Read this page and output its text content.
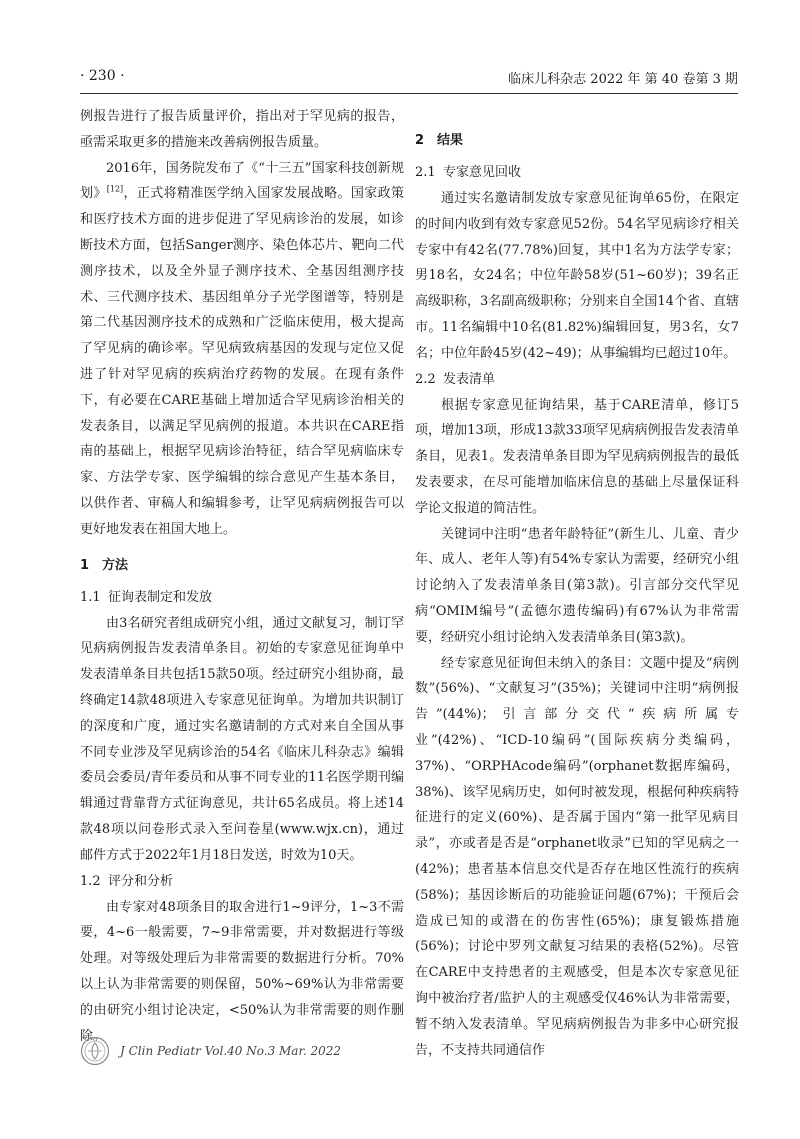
· 230 ·	临床儿科杂志 2022 年 第 40 卷第 3 期

例报告进行了报告质量评价，指出对于罕见病的报告，亟需采取更多的措施来改善病例报告质量。

2016年，国务院发布了《“十三五”国家科技创新规划》[12]，正式将精准医学纳入国家发展战略。国家政策和医疗技术方面的进步促进了罕见病诊治的发展，如诊断技术方面，包括Sanger测序、染色体芯片、靶向二代测序技术，以及全外显子测序技术、全基因组测序技术、三代测序技术、基因组单分子光学图谱等，特别是第二代基因测序技术的成熟和广泛临床使用，极大提高了罕见病的确诊率。罕见病致病基因的发现与定位又促进了针对罕见病的疾病治疗药物的发展。在现有条件下，有必要在CARE基础上增加适合罕见病诊治相关的发表条目，以满足罕见病例的报道。本共识在CARE指南的基础上，根据罕见病诊治特征，结合罕见病临床专家、方法学专家、医学编辑的综合意见产生基本条目，以供作者、审稿人和编辑参考，让罕见病病例报告可以更好地发表在祖国大地上。

1 方法
1.1 征询表制定和发放

由3名研究者组成研究小组，通过文献复习，制订罕见病病例报告发表清单条目。初始的专家意见征询单中发表清单条目共包括15款50项。经过研究小组协商，最终确定14款48项进入专家意见征询单。为增加共识制订的深度和广度，通过实名邀请制的方式对来自全国从事不同专业涉及罕见病诊治的54名《临床儿科杂志》编辑委员会委员/青年委员和从事不同专业的11名医学期刊编辑通过背靠背方式征询意见，共计65名成员。将上述14款48项以问卷形式录入至问卷星(www.wjx.cn)，通过邮件方式于2022年1月18日发送，时效为10天。

1.2 评分和分析

由专家对48项条目的取舍进行1~9评分，1~3不需要，4~6一般需要，7~9非常需要，并对数据进行等级处理。对等级处理后为非常需要的数据进行分析。70%以上认为非常需要的则保留，50%~69%认为非常需要的由研究小组讨论决定，<50%认为非常需要的则作删除。

2 结果
2.1 专家意见回收

通过实名邀请制发放专家意见征询单65份，在限定的时间内收到有效专家意见52份。54名罕见病诊疗相关专家中有42名(77.78%)回复，其中1名为方法学专家；男18名，女24名；中位年龄58岁(51~60岁)；39名正高级职称，3名副高级职称；分别来自全国14个省、直辖市。11名编辑中10名(81.82%)编辑回复，男3名，女7名；中位年龄45岁(42~49)；从事编辑均已超过10年。

2.2 发表清单

根据专家意见征询结果，基于CARE清单，修订5项，增加13项，形成13款33项罕见病病例报告发表清单条目，见表1。发表清单条目即为罕见病病例报告的最低发表要求，在尽可能增加临床信息的基础上尽量保证科学论文报道的简洁性。

关键词中注明“患者年龄特征”(新生儿、儿童、青少年、成人、老年人等)有54%专家认为需要，经研究小组讨论纳入了发表清单条目(第3款)。引言部分交代罕见病“OMIM编号”(孟德尔遗传编码)有67%认为非常需要，经研究小组讨论纳入发表清单条目(第3款)。

经专家意见征询但未纳入的条目：文题中提及“病例数”(56%)、“文献复习”(35%)；关键词中注明“病例报告”(44%)；引言部分交代“疾病所属专业”(42%)、“ICD-10编码”(国际疾病分类编码，37%)、“ORPHAcode编码”(orphanet数据库编码，38%)、该罕见病历史，如何时被发现，根据何种疾病特征进行的定义(60%)、是否属于国内“第一批罕见病目录”，亦或者是否是“orphanet收录”已知的罕见病之一(42%)；患者基本信息交代是否存在地区性流行的疾病(58%)；基因诊断后的功能验证问题(67%)；干预后会造成已知的或潜在的伤害性(65%)；康复锻炼措施(56%)；讨论中罗列文献复习结果的表格(52%)。尽管在CARE中支持患者的主观感受，但是本次专家意见征询中被治疗者/监护人的主观感受仅46%认为非常需要，暂不纳入发表清单。罕见病病例报告为非多中心研究报告，不支持共同通信作

J Clin Pediatr Vol.40 No.3 Mar. 2022
